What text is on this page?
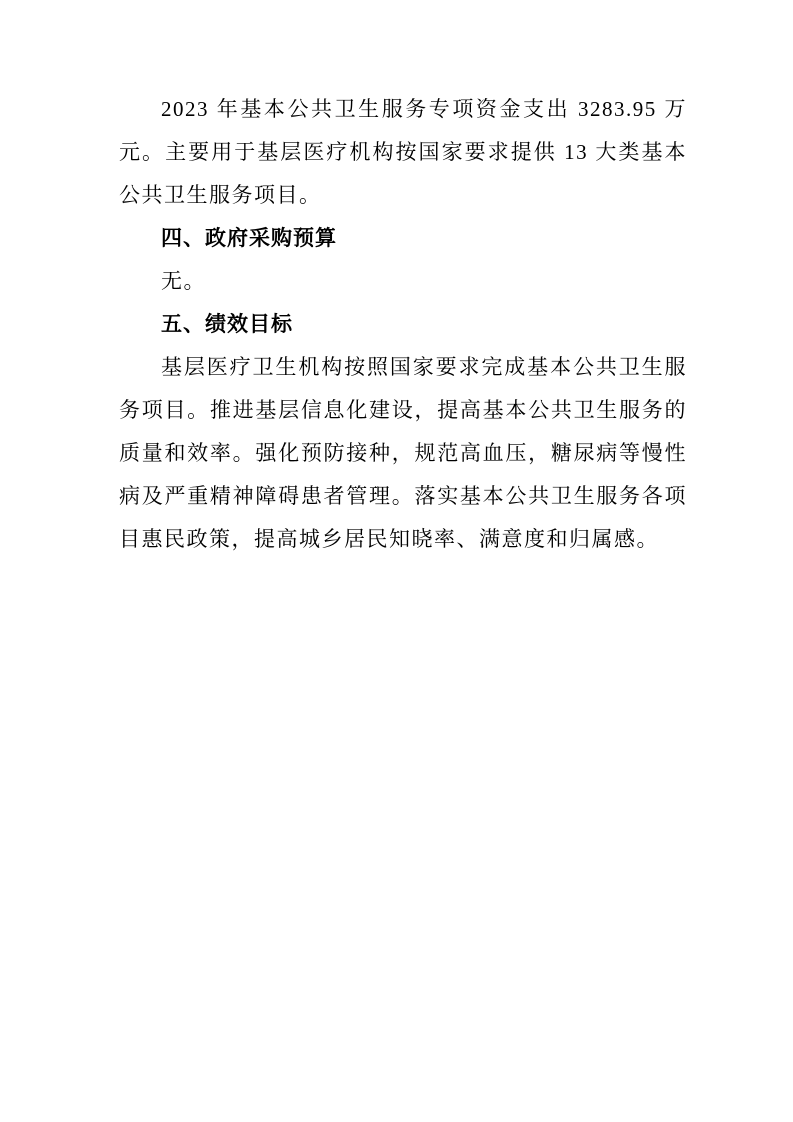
2023 年基本公共卫生服务专项资金支出 3283.95 万元。主要用于基层医疗机构按国家要求提供 13 大类基本公共卫生服务项目。

四、政府采购预算

无。

五、绩效目标

基层医疗卫生机构按照国家要求完成基本公共卫生服务项目。推进基层信息化建设，提高基本公共卫生服务的质量和效率。强化预防接种，规范高血压，糖尿病等慢性病及严重精神障碍患者管理。落实基本公共卫生服务各项目惠民政策，提高城乡居民知晓率、满意度和归属感。
